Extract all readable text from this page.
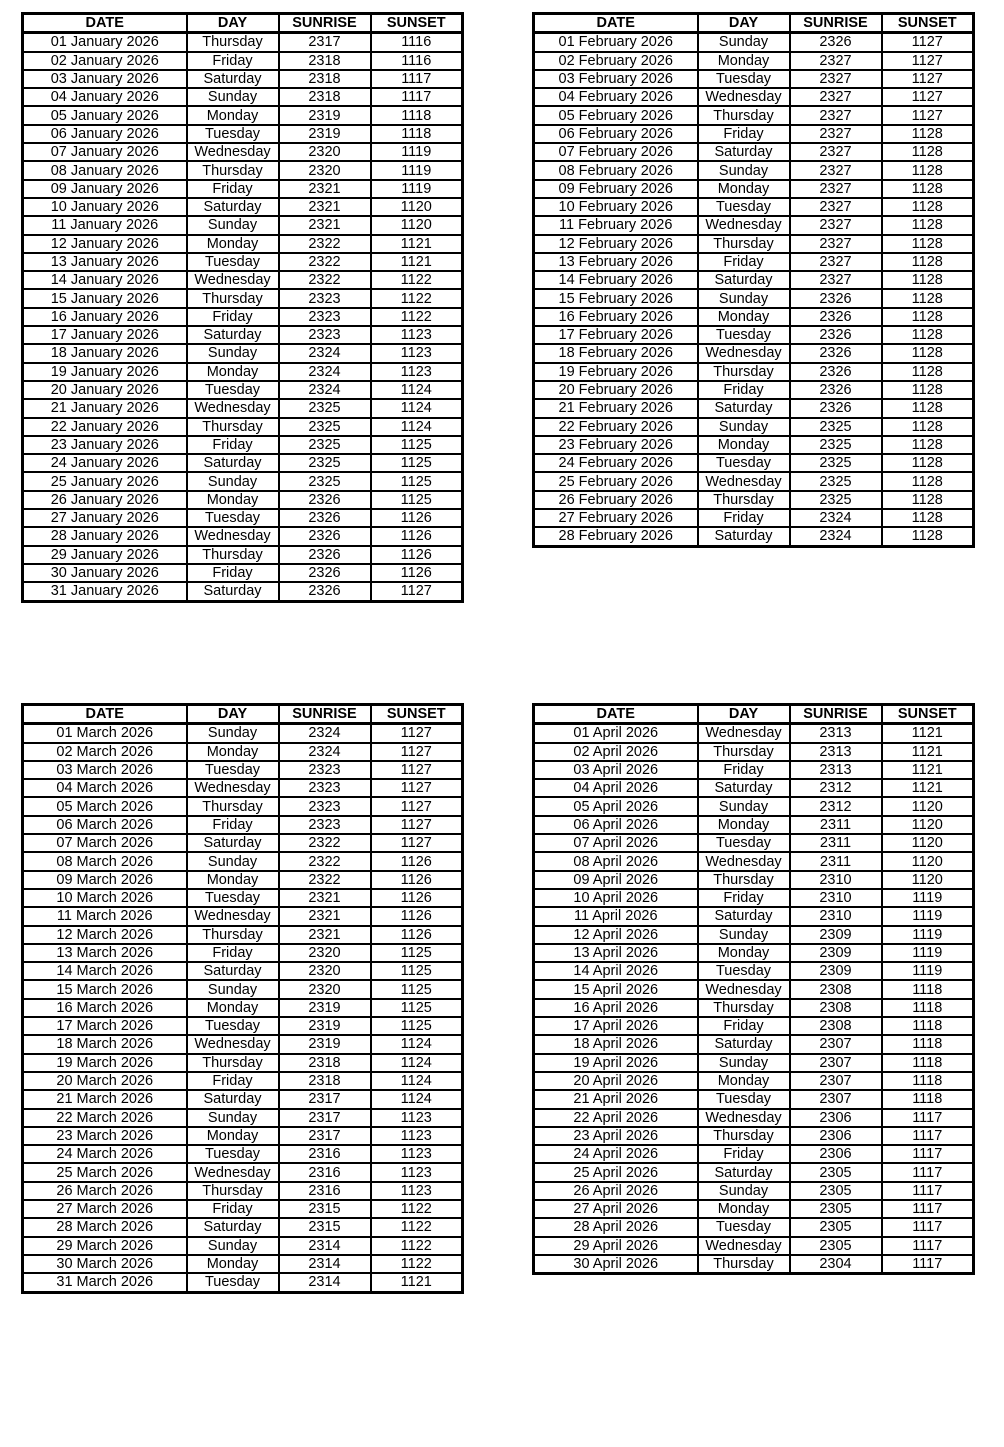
DATE	DAY	SUNRISE	SUNSET
01 January 2026	Thursday	2317	1116
02 January 2026	Friday	2318	1116
03 January 2026	Saturday	2318	1117
04 January 2026	Sunday	2318	1117
05 January 2026	Monday	2319	1118
06 January 2026	Tuesday	2319	1118
07 January 2026	Wednesday	2320	1119
08 January 2026	Thursday	2320	1119
09 January 2026	Friday	2321	1119
10 January 2026	Saturday	2321	1120
11 January 2026	Sunday	2321	1120
12 January 2026	Monday	2322	1121
13 January 2026	Tuesday	2322	1121
14 January 2026	Wednesday	2322	1122
15 January 2026	Thursday	2323	1122
16 January 2026	Friday	2323	1122
17 January 2026	Saturday	2323	1123
18 January 2026	Sunday	2324	1123
19 January 2026	Monday	2324	1123
20 January 2026	Tuesday	2324	1124
21 January 2026	Wednesday	2325	1124
22 January 2026	Thursday	2325	1124
23 January 2026	Friday	2325	1125
24 January 2026	Saturday	2325	1125
25 January 2026	Sunday	2325	1125
26 January 2026	Monday	2326	1125
27 January 2026	Tuesday	2326	1126
28 January 2026	Wednesday	2326	1126
29 January 2026	Thursday	2326	1126
30 January 2026	Friday	2326	1126
31 January 2026	Saturday	2326	1127
DATE	DAY	SUNRISE	SUNSET
01 February 2026	Sunday	2326	1127
02 February 2026	Monday	2327	1127
03 February 2026	Tuesday	2327	1127
04 February 2026	Wednesday	2327	1127
05 February 2026	Thursday	2327	1127
06 February 2026	Friday	2327	1128
07 February 2026	Saturday	2327	1128
08 February 2026	Sunday	2327	1128
09 February 2026	Monday	2327	1128
10 February 2026	Tuesday	2327	1128
11 February 2026	Wednesday	2327	1128
12 February 2026	Thursday	2327	1128
13 February 2026	Friday	2327	1128
14 February 2026	Saturday	2327	1128
15 February 2026	Sunday	2326	1128
16 February 2026	Monday	2326	1128
17 February 2026	Tuesday	2326	1128
18 February 2026	Wednesday	2326	1128
19 February 2026	Thursday	2326	1128
20 February 2026	Friday	2326	1128
21 February 2026	Saturday	2326	1128
22 February 2026	Sunday	2325	1128
23 February 2026	Monday	2325	1128
24 February 2026	Tuesday	2325	1128
25 February 2026	Wednesday	2325	1128
26 February 2026	Thursday	2325	1128
27 February 2026	Friday	2324	1128
28 February 2026	Saturday	2324	1128
DATE	DAY	SUNRISE	SUNSET
01 March 2026	Sunday	2324	1127
02 March 2026	Monday	2324	1127
03 March 2026	Tuesday	2323	1127
04 March 2026	Wednesday	2323	1127
05 March 2026	Thursday	2323	1127
06 March 2026	Friday	2323	1127
07 March 2026	Saturday	2322	1127
08 March 2026	Sunday	2322	1126
09 March 2026	Monday	2322	1126
10 March 2026	Tuesday	2321	1126
11 March 2026	Wednesday	2321	1126
12 March 2026	Thursday	2321	1126
13 March 2026	Friday	2320	1125
14 March 2026	Saturday	2320	1125
15 March 2026	Sunday	2320	1125
16 March 2026	Monday	2319	1125
17 March 2026	Tuesday	2319	1125
18 March 2026	Wednesday	2319	1124
19 March 2026	Thursday	2318	1124
20 March 2026	Friday	2318	1124
21 March 2026	Saturday	2317	1124
22 March 2026	Sunday	2317	1123
23 March 2026	Monday	2317	1123
24 March 2026	Tuesday	2316	1123
25 March 2026	Wednesday	2316	1123
26 March 2026	Thursday	2316	1123
27 March 2026	Friday	2315	1122
28 March 2026	Saturday	2315	1122
29 March 2026	Sunday	2314	1122
30 March 2026	Monday	2314	1122
31 March 2026	Tuesday	2314	1121
DATE	DAY	SUNRISE	SUNSET
01 April 2026	Wednesday	2313	1121
02 April 2026	Thursday	2313	1121
03 April 2026	Friday	2313	1121
04 April 2026	Saturday	2312	1121
05 April 2026	Sunday	2312	1120
06 April 2026	Monday	2311	1120
07 April 2026	Tuesday	2311	1120
08 April 2026	Wednesday	2311	1120
09 April 2026	Thursday	2310	1120
10 April 2026	Friday	2310	1119
11 April 2026	Saturday	2310	1119
12 April 2026	Sunday	2309	1119
13 April 2026	Monday	2309	1119
14 April 2026	Tuesday	2309	1119
15 April 2026	Wednesday	2308	1118
16 April 2026	Thursday	2308	1118
17 April 2026	Friday	2308	1118
18 April 2026	Saturday	2307	1118
19 April 2026	Sunday	2307	1118
20 April 2026	Monday	2307	1118
21 April 2026	Tuesday	2307	1118
22 April 2026	Wednesday	2306	1117
23 April 2026	Thursday	2306	1117
24 April 2026	Friday	2306	1117
25 April 2026	Saturday	2305	1117
26 April 2026	Sunday	2305	1117
27 April 2026	Monday	2305	1117
28 April 2026	Tuesday	2305	1117
29 April 2026	Wednesday	2305	1117
30 April 2026	Thursday	2304	1117
